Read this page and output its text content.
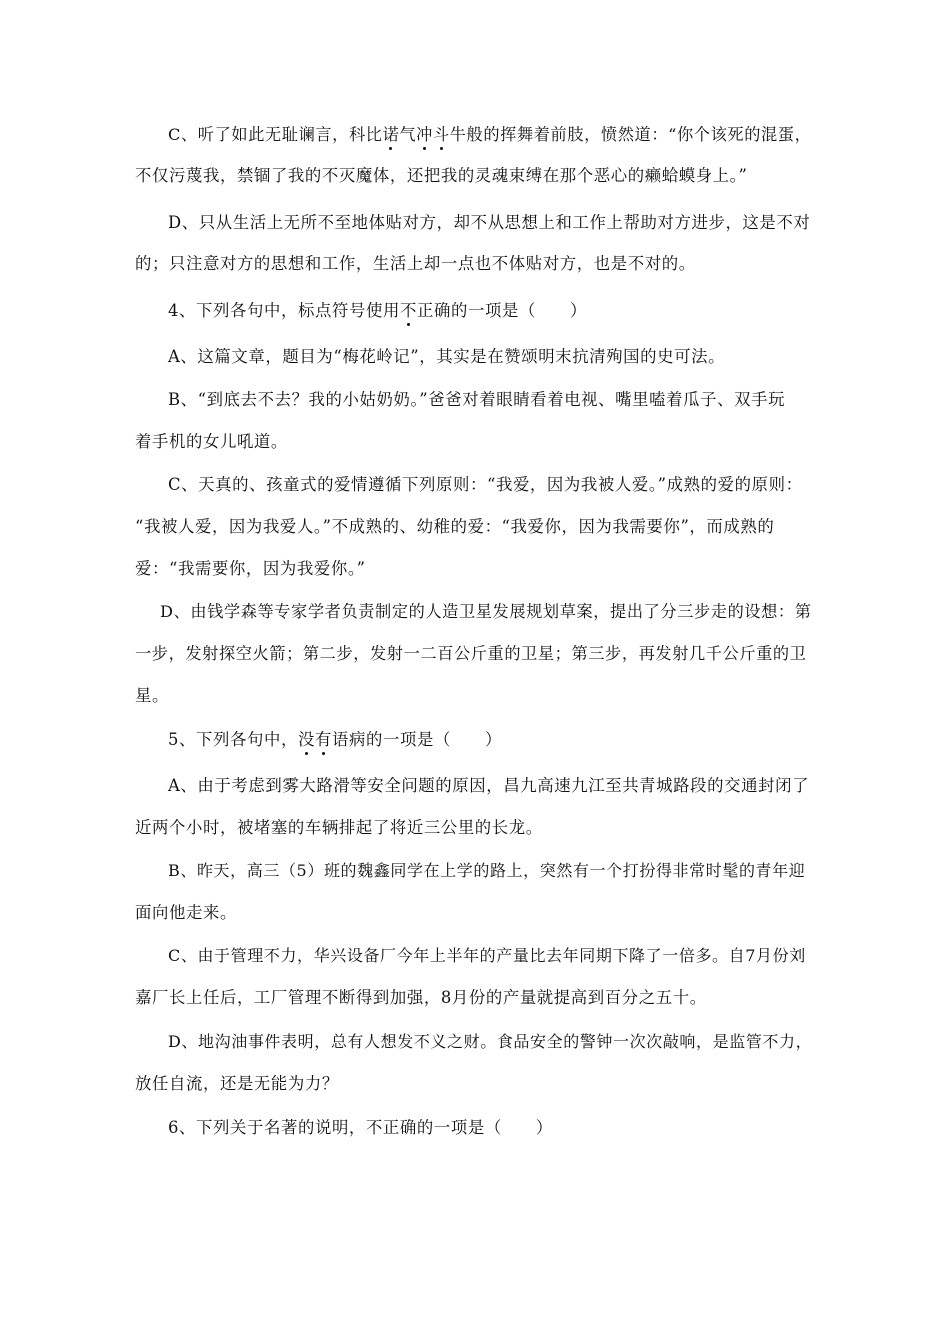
C、听了如此无耻谰言，科比诺气冲斗牛般的挥舞着前肢，愤然道：“你个该死的混蛋，
不仅污蔑我，禁锢了我的不灭魔体，还把我的灵魂束缚在那个恶心的癞蛤蟆身上。”
D、只从生活上无所不至地体贴对方，却不从思想上和工作上帮助对方进步，这是不对
的；只注意对方的思想和工作，生活上却一点也不体贴对方，也是不对的。
4、下列各句中，标点符号使用不正确的一项是（　　 ）
A、这篇文章，题目为“梅花岭记”，其实是在赞颂明末抗清殉国的史可法。
B、“到底去不去？我的小姑奶奶。”爸爸对着眼睛看着电视、嘴里嗑着瓜子、双手玩
着手机的女儿吼道。
C、天真的、孩童式的爱情遵循下列原则：“我爱，因为我被人爱。”成熟的爱的原则：
“我被人爱，因为我爱人。”不成熟的、幼稚的爱：“我爱你，因为我需要你”，而成熟的
爱：“我需要你，因为我爱你。”
D、由钱学森等专家学者负责制定的人造卫星发展规划草案，提出了分三步走的设想：第
一步，发射探空火箭；第二步，发射一二百公斤重的卫星；第三步，再发射几千公斤重的卫
星。
5、下列各句中，没有语病的一项是（　　 ）
A、由于考虑到雾大路滑等安全问题的原因，昌九高速九江至共青城路段的交通封闭了
近两个小时，被堵塞的车辆排起了将近三公里的长龙。
B、昨天，高三（5）班的魏鑫同学在上学的路上，突然有一个打扮得非常时髦的青年迎
面向他走来。
C、由于管理不力，华兴设备厂今年上半年的产量比去年同期下降了一倍多。自7月份刘
嘉厂长上任后，工厂管理不断得到加强，8月份的产量就提高到百分之五十。
D、地沟油事件表明，总有人想发不义之财。食品安全的警钟一次次敲响，是监管不力，
放任自流，还是无能为力？
6、下列关于名著的说明，不正确的一项是（　　）
